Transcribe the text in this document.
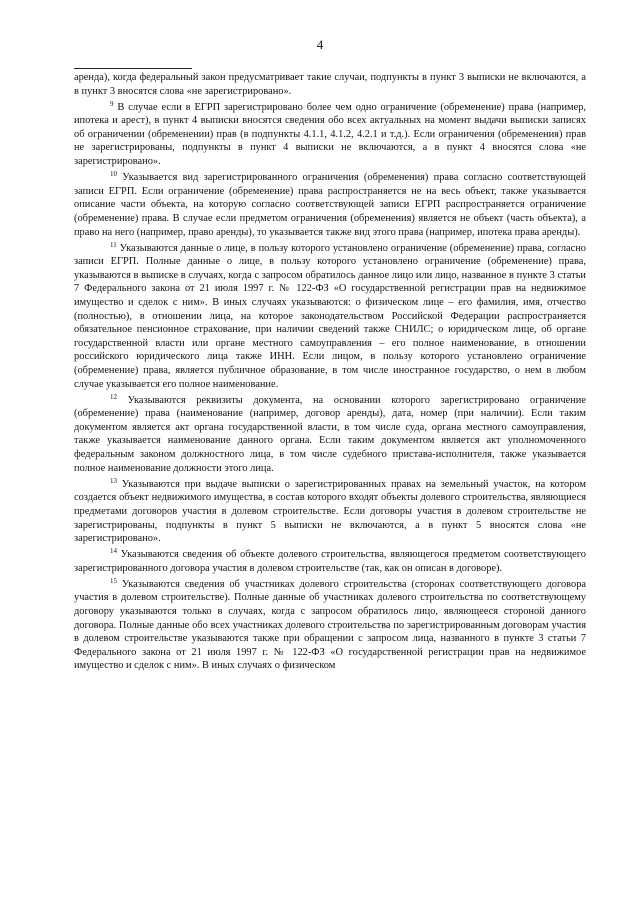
4

аренда), когда федеральный закон предусматривает такие случаи, подпункты в пункт 3 выписки не включаются, а в пункт 3 вносятся слова «не зарегистрировано».

$^9$ В случае если в ЕГРП зарегистрировано более чем одно ограничение (обременение) права (например, ипотека и арест), в пункт 4 выписки вносятся сведения обо всех актуальных на момент выдачи выписки записях об ограничении (обременении) прав (в подпункты 4.1.1, 4.1.2, 4.2.1 и т.д.). Если ограничения (обременения) прав не зарегистрированы, подпункты в пункт 4 выписки не включаются, а в пункт 4 вносятся слова «не зарегистрировано».

$^{10}$ Указывается вид зарегистрированного ограничения (обременения) права согласно соответствующей записи ЕГРП. Если ограничение (обременение) права распространяется не на весь объект, также указывается описание части объекта, на которую согласно соответствующей записи ЕГРП распространяется ограничение (обременение) права. В случае если предметом ограничения (обременения) является не объект (часть объекта), а право на него (например, право аренды), то указывается также вид этого права (например, ипотека права аренды).

$^{11}$ Указываются данные о лице, в пользу которого установлено ограничение (обременение) права, согласно записи ЕГРП. Полные данные о лице, в пользу которого установлено ограничение (обременение) права, указываются в выписке в случаях, когда с запросом обратилось данное лицо или лицо, названное в пункте 3 статьи 7 Федерального закона от 21 июля 1997 г. № 122-ФЗ «О государственной регистрации прав на недвижимое имущество и сделок с ним». В иных случаях указываются: о физическом лице – его фамилия, имя, отчество (полностью), в отношении лица, на которое законодательством Российской Федерации распространяется обязательное пенсионное страхование, при наличии сведений также СНИЛС; о юридическом лице, об органе государственной власти или органе местного самоуправления – его полное наименование, в отношении российского юридического лица также ИНН. Если лицом, в пользу которого установлено ограничение (обременение) права, является публичное образование, в том числе иностранное государство, о нем в любом случае указывается его полное наименование.

$^{12}$ Указываются реквизиты документа, на основании которого зарегистрировано ограничение (обременение) права (наименование (например, договор аренды), дата, номер (при наличии). Если таким документом является акт органа государственной власти, в том числе суда, органа местного самоуправления, также указывается наименование данного органа. Если таким документом является акт уполномоченного федеральным законом должностного лица, в том числе судебного пристава-исполнителя, также указывается полное наименование должности этого лица.

$^{13}$ Указываются при выдаче выписки о зарегистрированных правах на земельный участок, на котором создается объект недвижимого имущества, в состав которого входят объекты долевого строительства, являющиеся предметами договоров участия в долевом строительстве. Если договоры участия в долевом строительстве не зарегистрированы, подпункты в пункт 5 выписки не включаются, а в пункт 5 вносятся слова «не зарегистрировано».

$^{14}$ Указываются сведения об объекте долевого строительства, являющегося предметом соответствующего зарегистрированного договора участия в долевом строительстве (так, как он описан в договоре).

$^{15}$ Указываются сведения об участниках долевого строительства (сторонах соответствующего договора участия в долевом строительстве). Полные данные об участниках долевого строительства по соответствующему договору указываются только в случаях, когда с запросом обратилось лицо, являющееся стороной данного договора. Полные данные обо всех участниках долевого строительства по зарегистрированным договорам участия в долевом строительстве указываются также при обращении с запросом лица, названного в пункте 3 статьи 7 Федерального закона от 21 июля 1997 г. № 122-ФЗ «О государственной регистрации прав на недвижимое имущество и сделок с ним». В иных случаях о физическом
